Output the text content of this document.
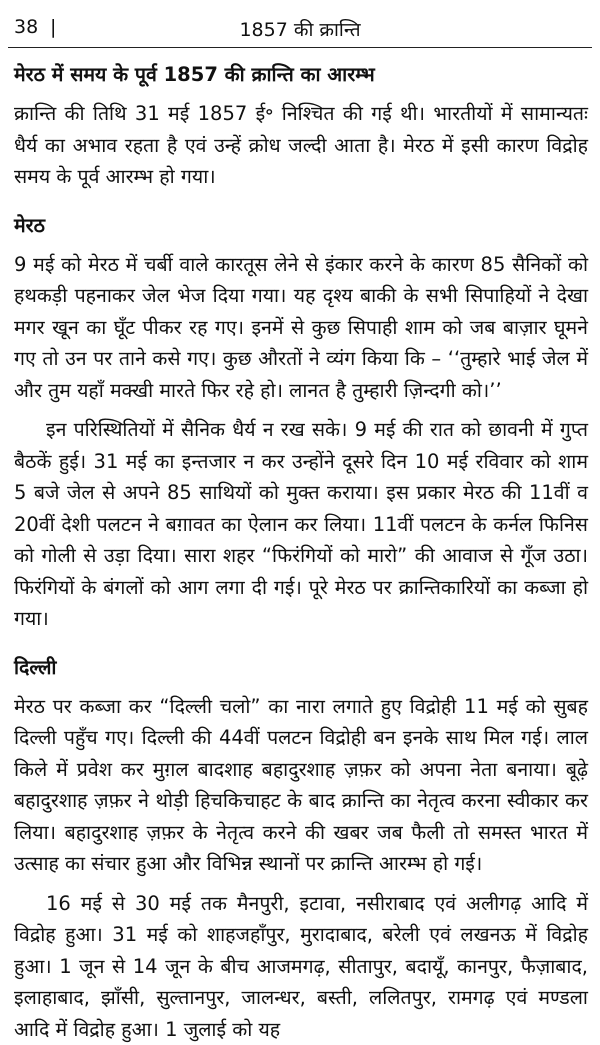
38 |	1857 की क्रान्ति
मेरठ में समय के पूर्व 1857 की क्रान्ति का आरम्भ

क्रान्ति की तिथि 31 मई 1857 ई॰ निश्चित की गई थी। भारतीयों में सामान्यतः धैर्य का अभाव रहता है एवं उन्हें क्रोध जल्दी आता है। मेरठ में इसी कारण विद्रोह समय के पूर्व आरम्भ हो गया।

मेरठ

9 मई को मेरठ में चर्बी वाले कारतूस लेने से इंकार करने के कारण 85 सैनिकों को हथकड़ी पहनाकर जेल भेज दिया गया। यह दृश्य बाकी के सभी सिपाहियों ने देखा मगर खून का घूँट पीकर रह गए। इनमें से कुछ सिपाही शाम को जब बाज़ार घूमने गए तो उन पर ताने कसे गए। कुछ औरतों ने व्यंग किया कि – ‘‘तुम्हारे भाई जेल में और तुम यहाँ मक्खी मारते फिर रहे हो। लानत है तुम्हारी ज़िन्दगी को।’’

इन परिस्थितियों में सैनिक धैर्य न रख सके। 9 मई की रात को छावनी में गुप्त बैठकें हुई। 31 मई का इन्तजार न कर उन्होंने दूसरे दिन 10 मई रविवार को शाम 5 बजे जेल से अपने 85 साथियों को मुक्त कराया। इस प्रकार मेरठ की 11वीं व 20वीं देशी पलटन ने बग़ावत का ऐलान कर लिया। 11वीं पलटन के कर्नल फिनिस को गोली से उड़ा दिया। सारा शहर “फिरंगियों को मारो” की आवाज से गूँज उठा। फिरंगियों के बंगलों को आग लगा दी गई। पूरे मेरठ पर क्रान्तिकारियों का कब्जा हो गया।

दिल्ली

मेरठ पर कब्जा कर “दिल्ली चलो” का नारा लगाते हुए विद्रोही 11 मई को सुबह दिल्ली पहुँच गए। दिल्ली की 44वीं पलटन विद्रोही बन इनके साथ मिल गई। लाल किले में प्रवेश कर मुग़ल बादशाह बहादुरशाह ज़फ़र को अपना नेता बनाया। बूढ़े बहादुरशाह ज़फ़र ने थोड़ी हिचकिचाहट के बाद क्रान्ति का नेतृत्व करना स्वीकार कर लिया। बहादुरशाह ज़फ़र के नेतृत्व करने की खबर जब फैली तो समस्त भारत में उत्साह का संचार हुआ और विभिन्न स्थानों पर क्रान्ति आरम्भ हो गई।

16 मई से 30 मई तक मैनपुरी, इटावा, नसीराबाद एवं अलीगढ़ आदि में विद्रोह हुआ। 31 मई को शाहजहाँपुर, मुरादाबाद, बरेली एवं लखनऊ में विद्रोह हुआ। 1 जून से 14 जून के बीच आजमगढ़, सीतापुर, बदायूँ, कानपुर, फैज़ाबाद, इलाहाबाद, झाँसी, सुल्तानपुर, जालन्धर, बस्ती, ललितपुर, रामगढ़ एवं मण्डला आदि में विद्रोह हुआ। 1 जुलाई को यह
